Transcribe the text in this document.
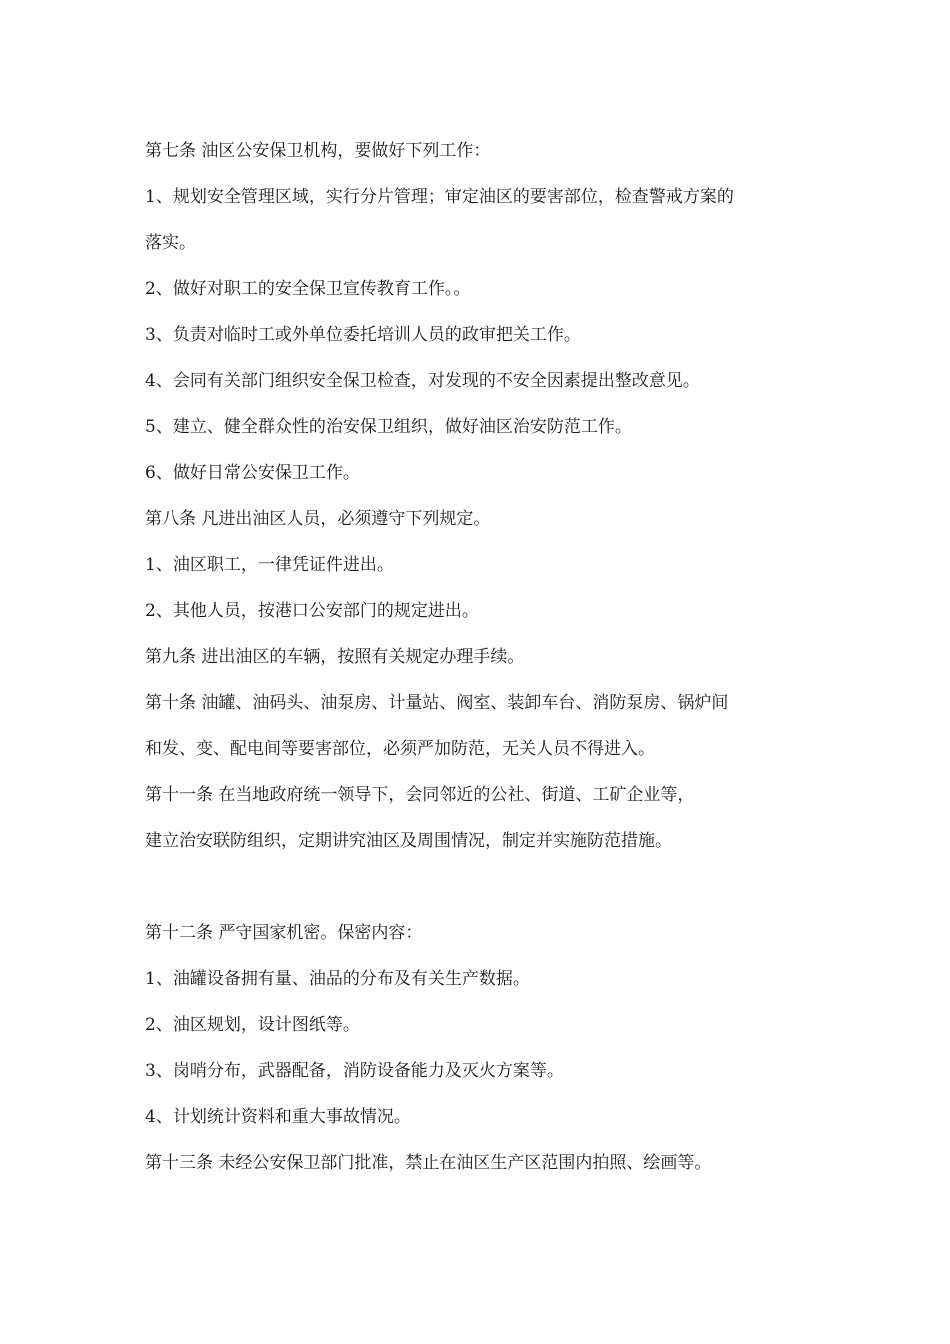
第七条 油区公安保卫机构，要做好下列工作：
1、规划安全管理区域，实行分片管理；审定油区的要害部位，检查警戒方案的
落实。
2、做好对职工的安全保卫宣传教育工作。。
3、负责对临时工或外单位委托培训人员的政审把关工作。
4、会同有关部门组织安全保卫检查，对发现的不安全因素提出整改意见。
5、建立、健全群众性的治安保卫组织，做好油区治安防范工作。
6、做好日常公安保卫工作。
第八条 凡进出油区人员，必须遵守下列规定。
1、油区职工，一律凭证件进出。
2、其他人员，按港口公安部门的规定进出。
第九条 进出油区的车辆，按照有关规定办理手续。
第十条 油罐、油码头、油泵房、计量站、阀室、装卸车台、消防泵房、锅炉间
和发、变、配电间等要害部位，必须严加防范，无关人员不得进入。
第十一条 在当地政府统一领导下，会同邻近的公社、街道、工矿企业等，
建立治安联防组织，定期讲究油区及周围情况，制定并实施防范措施。
第十二条 严守国家机密。保密内容：
1、油罐设备拥有量、油品的分布及有关生产数据。
2、油区规划，设计图纸等。
3、岗哨分布，武器配备，消防设备能力及灭火方案等。
4、计划统计资料和重大事故情况。
第十三条 未经公安保卫部门批准，禁止在油区生产区范围内拍照、绘画等。
